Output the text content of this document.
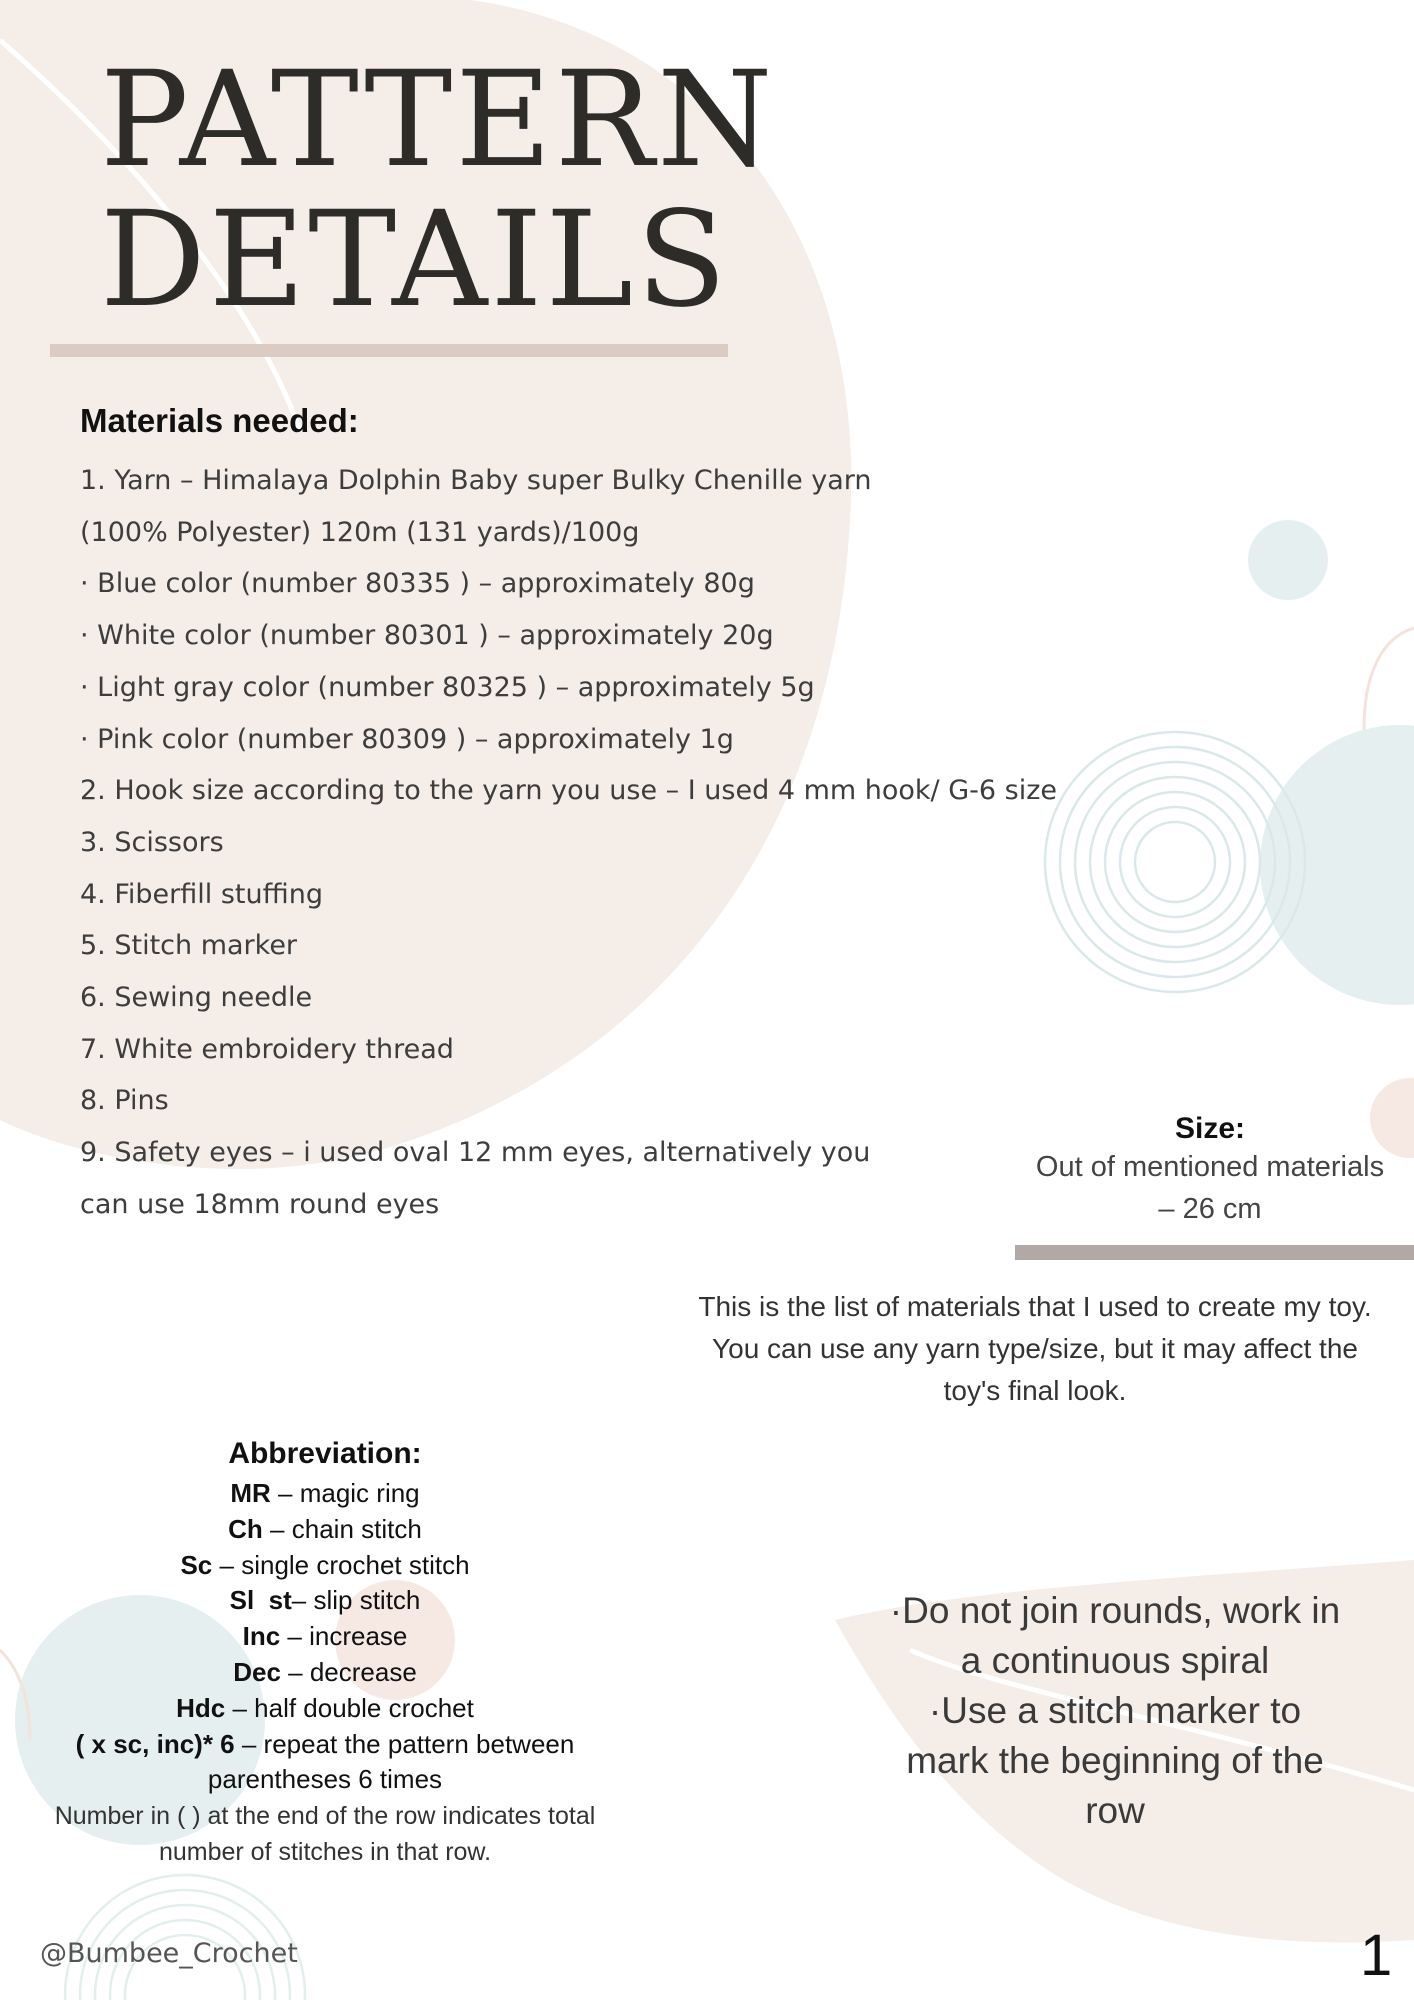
PATTERN
DETAILS
Materials needed:
1. Yarn – Himalaya Dolphin Baby super Bulky Chenille yarn
(100% Polyester) 120m (131 yards)/100g
· Blue color (number 80335 ) – approximately 80g
· White color (number 80301 ) – approximately 20g
· Light gray color (number 80325 ) – approximately 5g
· Pink color (number 80309 ) – approximately 1g
2. Hook size according to the yarn you use – I used 4 mm hook/ G-6 size
3. Scissors
4. Fiberfill stuffing
5. Stitch marker
6. Sewing needle
7. White embroidery thread
8. Pins
9. Safety eyes – i used oval 12 mm eyes, alternatively you
can use 18mm round eyes
Size:
Out of mentioned materials
– 26 cm
This is the list of materials that I used to create my toy.
You can use any yarn type/size, but it may affect the
toy's final look.
Abbreviation:
MR – magic ring
Ch – chain stitch
Sc – single crochet stitch
Sl  st– slip stitch
Inc – increase
Dec – decrease
Hdc – half double crochet
( x sc, inc)* 6 – repeat the pattern between
parentheses 6 times
Number in ( ) at the end of the row indicates total
number of stitches in that row.
·Do not join rounds, work in
a continuous spiral
·Use a stitch marker to
mark the beginning of the
row
@Bumbee_Crochet	1
